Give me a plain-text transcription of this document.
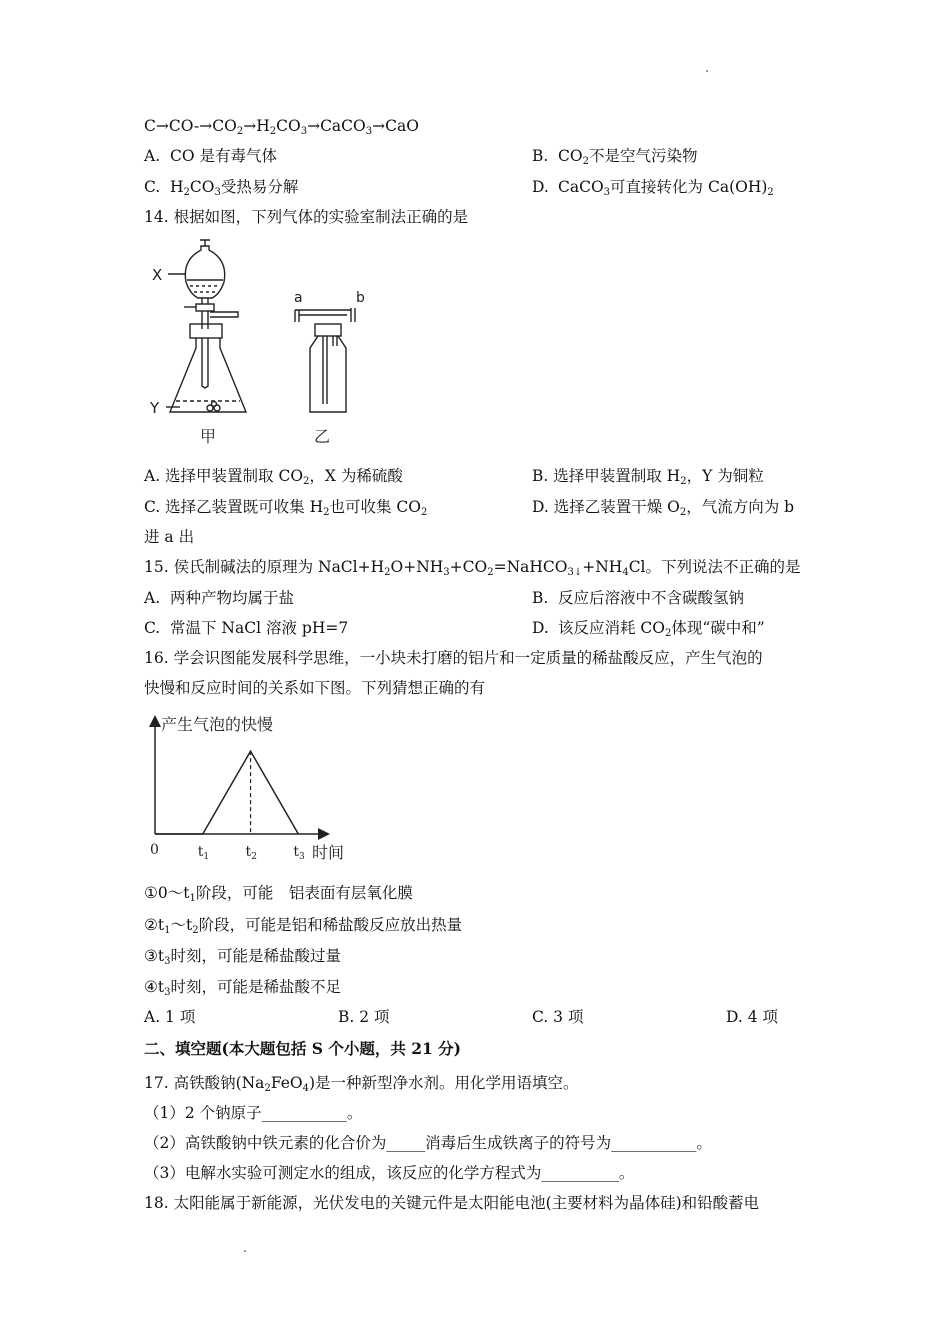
$C\to CO-\to CO_2\to H_2CO_3\to CaCO_3\to CaO$
A. CO 是有毒气体	B. $CO_2$不是空气污染物
C. $H_2CO_3$受热易分解	D. CaCO$_3$可直接转化为 $Ca(OH)_2$
14. 根据如图，下列气体的实验室制法正确的是
X
Y
a	b
甲	乙
A. 选择甲装置制取 $CO_2$，X 为稀硫酸	B. 选择甲装置制取 $H_2$，Y 为铜粒
C. 选择乙装置既可收集 $H_2$也可收集 $CO_2$	D. 选择乙装置干燥 $O_2$，气流方向为 b
进 a 出
15. 侯氏制碱法的原理为 $NaCl+H_2O+NH_3+CO_2=NaHCO_{3↓}+NH_4Cl$。下列说法不正确的是
A. 两种产物均属于盐	B. 反应后溶液中不含碳酸氢钠
C. 常温下 NaCl 溶液 pH=7	D. 该反应消耗 $CO_2$体现“碳中和”
16. 学会识图能发展科学思维，一小块未打磨的铝片和一定质量的稀盐酸反应，产生气泡的
快慢和反应时间的关系如下图。下列猜想正确的有
产生气泡的快慢
时间
0	$t_1$	$t_2$	$t_3$
$①0\sim t_1$阶段，可能　铝表面有层氧化膜
$②t_1\sim t_2$阶段，可能是铝和稀盐酸反应放出热量
$③t_3$时刻，可能是稀盐酸过量
$④t_3$时刻，可能是稀盐酸不足
A. 1 项	B. 2 项	C. 3 项	D. 4 项
二、填空题(本大题包括 S 个小题，共 21 分)
17. 高铁酸钠$(Na_2FeO_4)$是一种新型净水剂。用化学用语填空。
（1）2 个钠原子___________。
（2）高铁酸钠中铁元素的化合价为_____消毒后生成铁离子的符号为___________。
（3）电解水实验可测定水的组成，该反应的化学方程式为__________。
18. 太阳能属于新能源，光伏发电的关键元件是太阳能电池(主要材料为晶体硅)和铅酸蓄电
